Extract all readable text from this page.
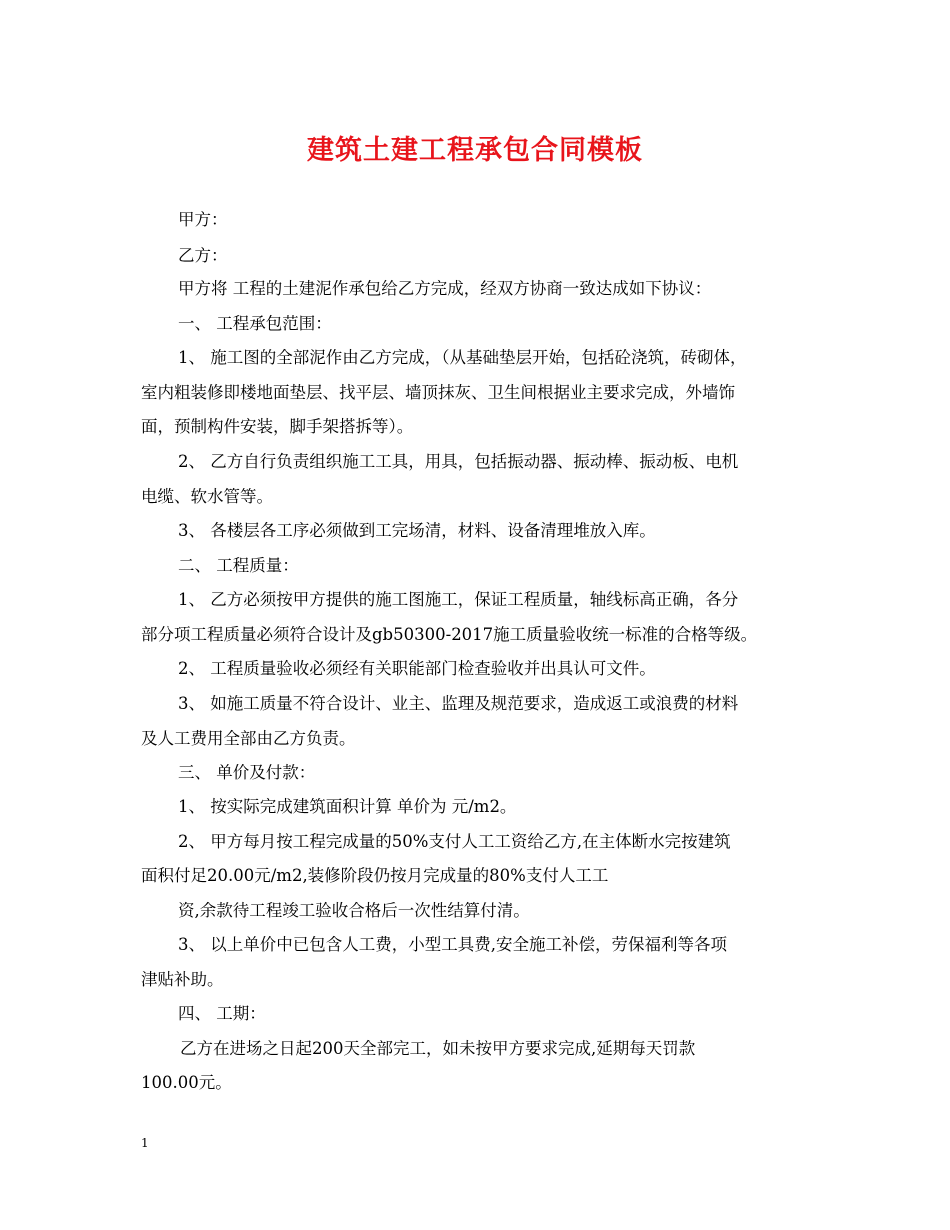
建筑土建工程承包合同模板
甲方：
乙方：
甲方将 工程的土建泥作承包给乙方完成，经双方协商一致达成如下协议：
一、 工程承包范围：
1、 施工图的全部泥作由乙方完成，（从基础垫层开始，包括砼浇筑，砖砌体，
室内粗装修即楼地面垫层、找平层、墙顶抹灰、卫生间根据业主要求完成，外墙饰
面，预制构件安装，脚手架搭拆等）。
2、 乙方自行负责组织施工工具，用具，包括振动器、振动棒、振动板、电机
电缆、软水管等。
3、 各楼层各工序必须做到工完场清，材料、设备清理堆放入库。
二、 工程质量：
1、 乙方必须按甲方提供的施工图施工，保证工程质量，轴线标高正确，各分
部分项工程质量必须符合设计及gb50300-2017施工质量验收统一标准的合格等级。
2、 工程质量验收必须经有关职能部门检查验收并出具认可文件。
3、 如施工质量不符合设计、业主、监理及规范要求，造成返工或浪费的材料
及人工费用全部由乙方负责。
三、 单价及付款：
1、 按实际完成建筑面积计算 单价为 元/m2。
2、 甲方每月按工程完成量的50%支付人工工资给乙方,在主体断水完按建筑
面积付足20.00元/m2,装修阶段仍按月完成量的80%支付人工工
资,余款待工程竣工验收合格后一次性结算付清。
3、 以上单价中已包含人工费，小型工具费,安全施工补偿，劳保福利等各项
津贴补助。
四、 工期：
乙方在进场之日起200天全部完工，如未按甲方要求完成,延期每天罚款
100.00元。
1
